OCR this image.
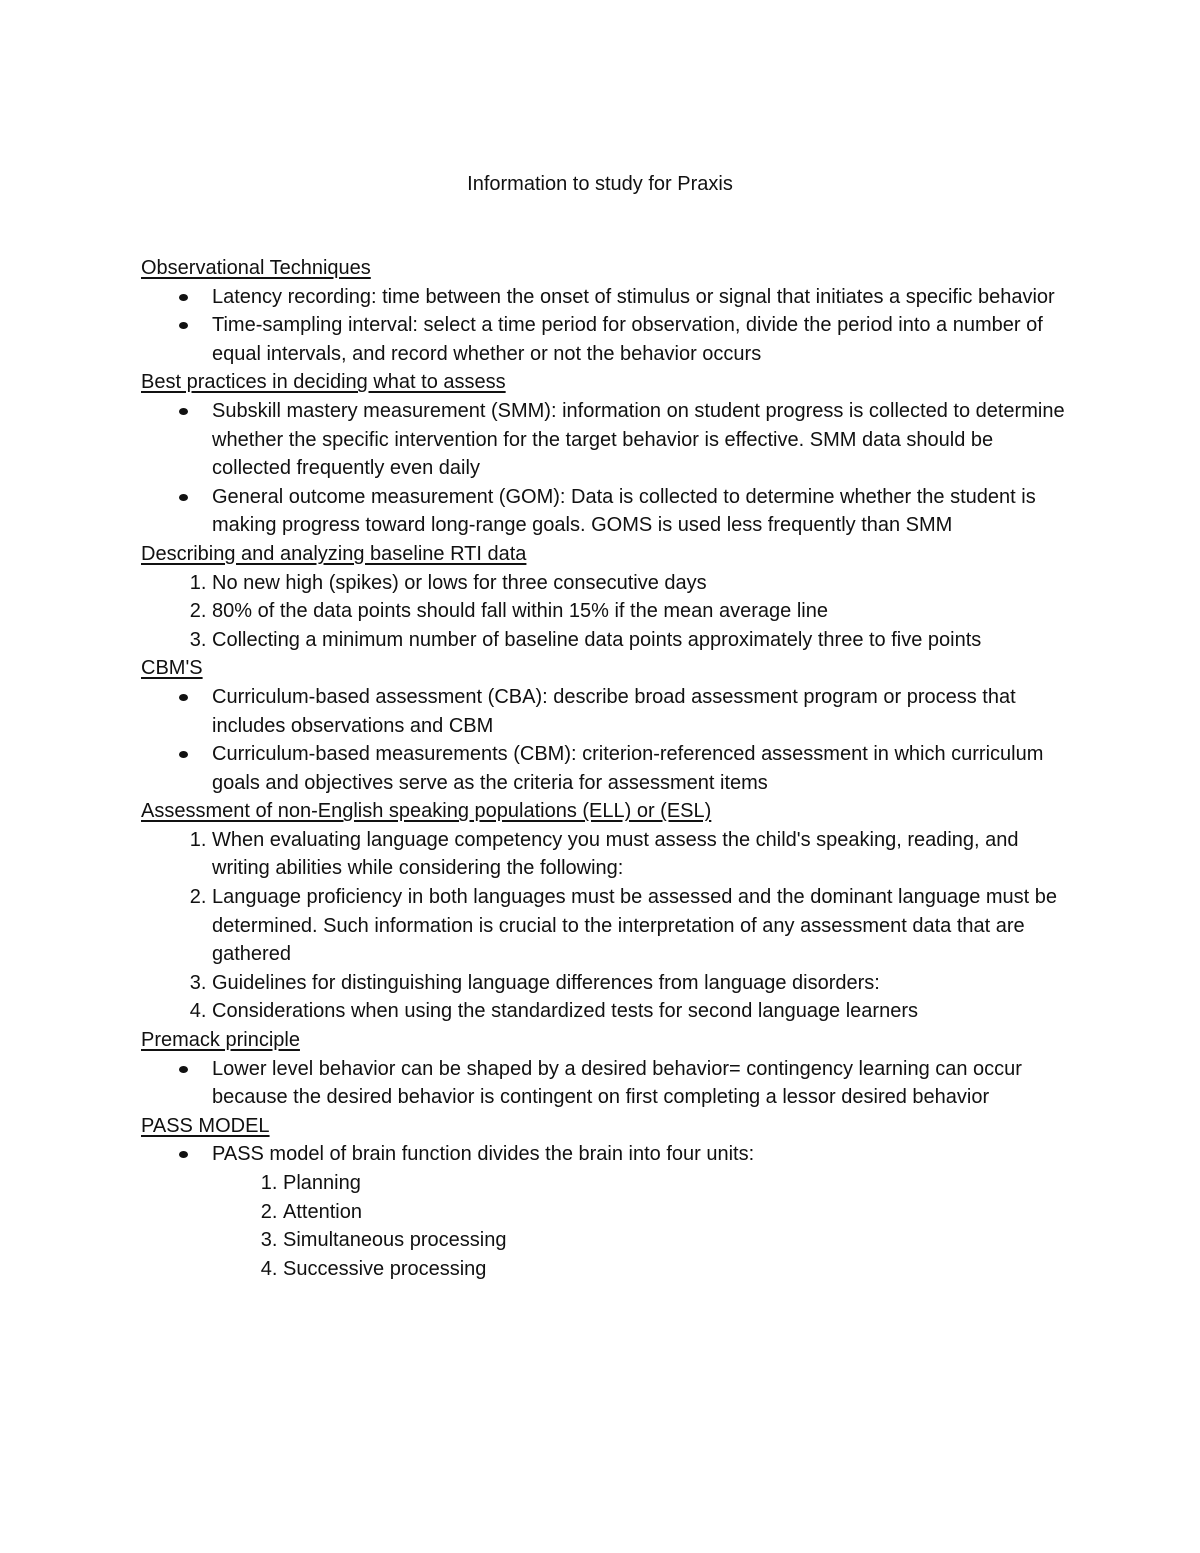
Information to study for Praxis
Observational Techniques
Latency recording: time between the onset of stimulus or signal that initiates a specific behavior
Time-sampling interval: select a time period for observation, divide the period into a number of equal intervals, and record whether or not the behavior occurs
Best practices in deciding what to assess
Subskill mastery measurement (SMM): information on student progress is collected to determine whether the specific intervention for the target behavior is effective. SMM data should be collected frequently even daily
General outcome measurement (GOM): Data is collected to determine whether the student is making progress toward long-range goals. GOMS is used less frequently than SMM
Describing and analyzing baseline RTI data
1. No new high (spikes) or lows for three consecutive days
2. 80% of the data points should fall within 15% if the mean average line
3. Collecting a minimum number of baseline data points approximately three to five points
CBM'S
Curriculum-based assessment (CBA): describe broad assessment program or process that includes observations and CBM
Curriculum-based measurements (CBM): criterion-referenced assessment in which curriculum goals and objectives serve as the criteria for assessment items
Assessment of non-English speaking populations (ELL) or (ESL)
1. When evaluating language competency you must assess the child's speaking, reading, and writing abilities while considering the following:
2. Language proficiency in both languages must be assessed and the dominant language must be determined. Such information is crucial to the interpretation of any assessment data that are gathered
3. Guidelines for distinguishing language differences from language disorders:
4. Considerations when using the standardized tests for second language learners
Premack principle
Lower level behavior can be shaped by a desired behavior= contingency learning can occur because the desired behavior is contingent on first completing a lessor desired behavior
PASS MODEL
PASS model of brain function divides the brain into four units:
1. Planning
2. Attention
3. Simultaneous processing
4. Successive processing
